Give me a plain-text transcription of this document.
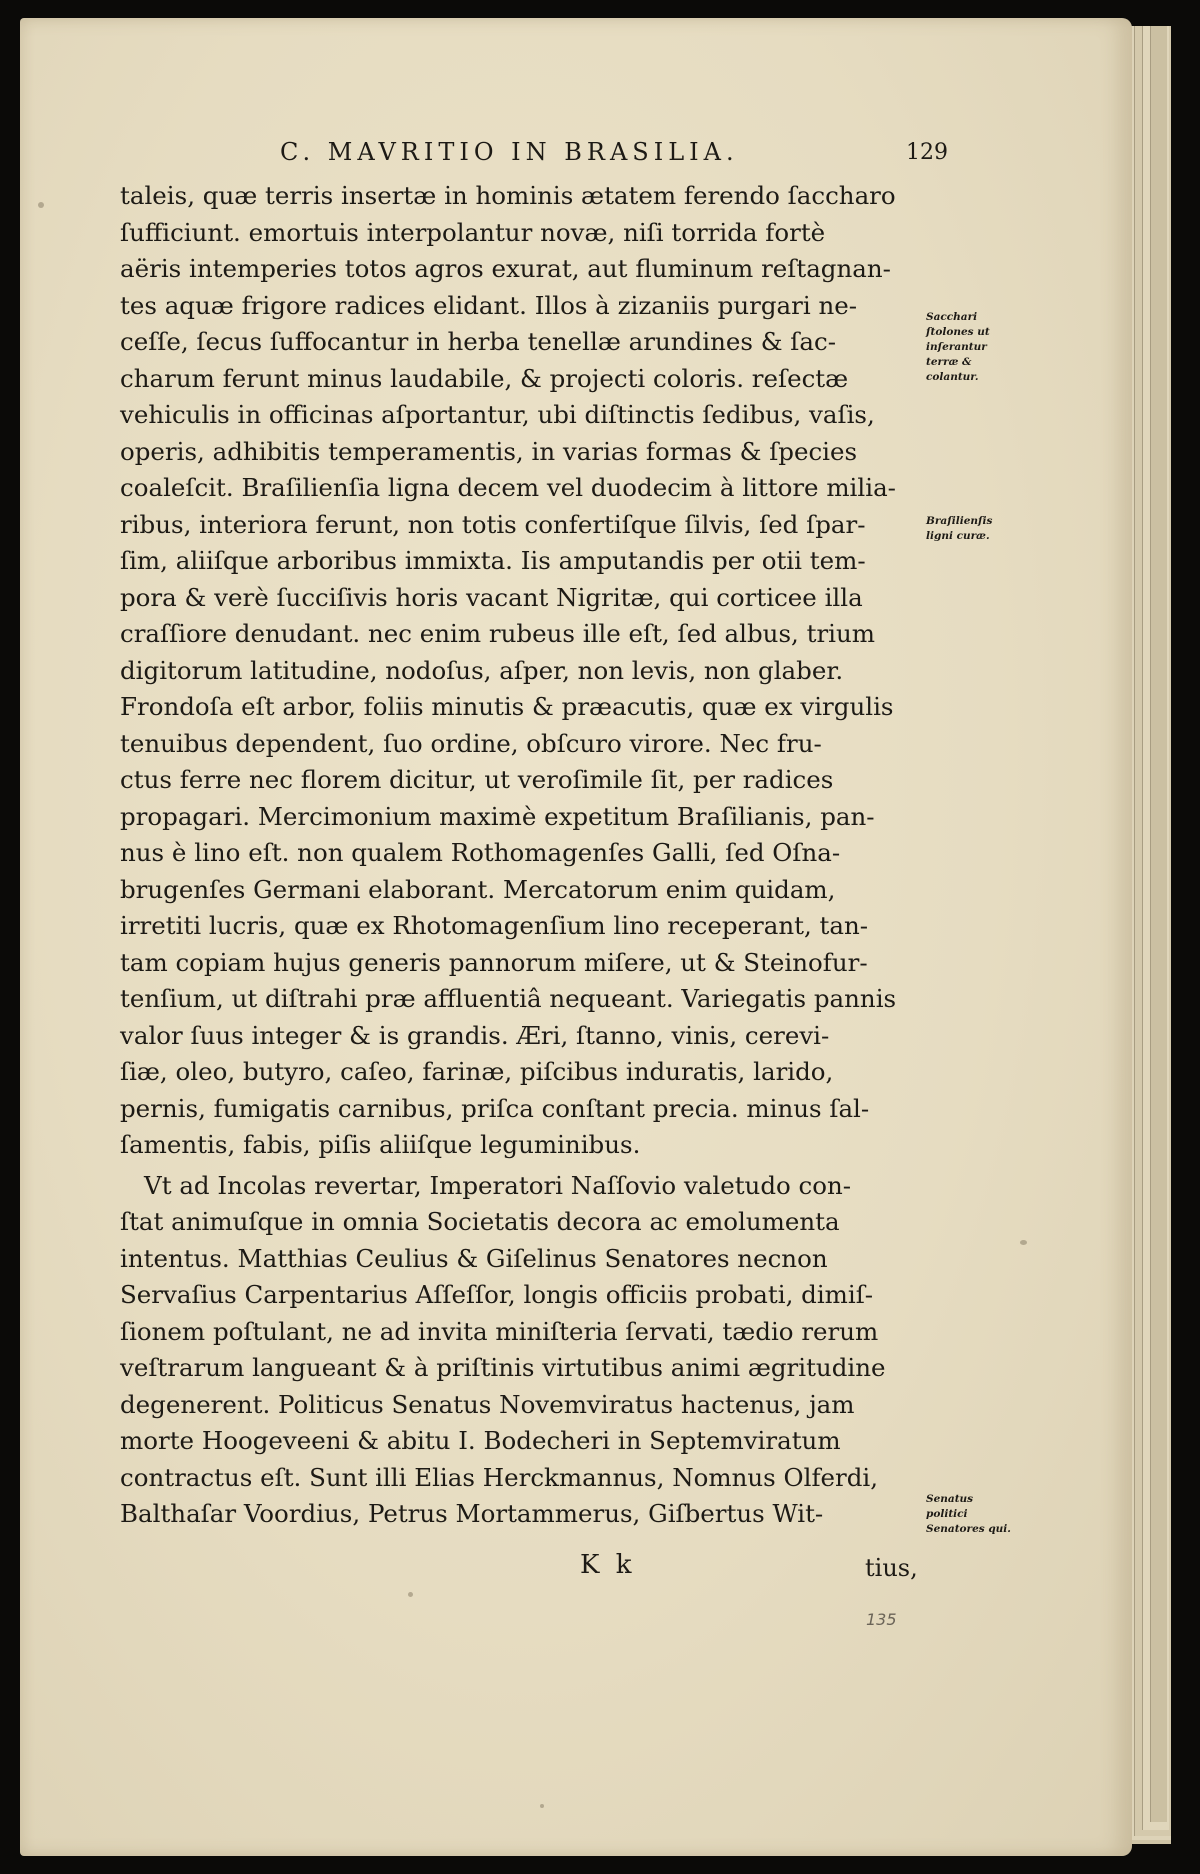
C. MAVRITIO IN BRASILIA.	129
taleis, quæ terris insertæ in hominis ætatem ferendo ſaccharo
ſufficiunt. emortuis interpolantur novæ, niſi torrida fortè
aëris intemperies totos agros exurat, aut fluminum reſtagnan-
tes aquæ frigore radices elidant. Illos à zizaniis purgari ne-
ceſſe, ſecus ſuffocantur in herba tenellæ arundines & ſac-
charum ferunt minus laudabile, & projecti coloris. reſectæ
vehiculis in officinas aſportantur, ubi diſtinctis ſedibus, vaſis,
operis, adhibitis temperamentis, in varias formas & ſpecies
coaleſcit. Braſilienſia ligna decem vel duodecim à littore milia-
ribus, interiora ferunt, non totis confertiſque ſilvis, ſed ſpar-
ſim, aliiſque arboribus immixta. Iis amputandis per otii tem-
pora & verè ſucciſivis horis vacant Nigritæ, qui corticee illa
craſſiore denudant. nec enim rubeus ille eſt, ſed albus, trium
digitorum latitudine, nodoſus, aſper, non levis, non glaber.
Frondoſa eſt arbor, foliis minutis & præacutis, quæ ex virgulis
tenuibus dependent, ſuo ordine, obſcuro virore. Nec fru-
ctus ferre nec florem dicitur, ut veroſimile ſit, per radices
propagari. Mercimonium maximè expetitum Braſilianis, pan-
nus è lino eſt. non qualem Rothomagenſes Galli, ſed Oſna-
brugenſes Germani elaborant. Mercatorum enim quidam,
irretiti lucris, quæ ex Rhotomagenſium lino receperant, tan-
tam copiam hujus generis pannorum miſere, ut & Steinofur-
tenſium, ut diſtrahi præ affluentiâ nequeant. Variegatis pannis
valor ſuus integer & is grandis. Æri, ſtanno, vinis, cerevi-
ſiæ, oleo, butyro, caſeo, farinæ, piſcibus induratis, larido,
pernis, fumigatis carnibus, priſca conſtant precia. minus ſal-
ſamentis, fabis, piſis aliiſque leguminibus.
Vt ad Incolas revertar, Imperatori Naſſovio valetudo con-
ſtat animuſque in omnia Societatis decora ac emolumenta
intentus. Matthias Ceulius & Giſelinus Senatores necnon
Servaſius Carpentarius Aſſeſſor, longis officiis probati, dimiſ-
ſionem poſtulant, ne ad invita miniſteria ſervati, tædio rerum
veſtrarum langueant & à priſtinis virtutibus animi ægritudine
degenerent. Politicus Senatus Novemviratus hactenus, jam
morte Hoogeveeni & abitu I. Bodecheri in Septemviratum
contractus eſt. Sunt illi Elias Herckmannus, Nomnus Olferdi,
Balthaſar Voordius, Petrus Mortammerus, Giſbertus Wit-
Sacchari ſtolones ut inſerantur terræ & colantur.
Braſilienſis ligni curæ.
Senatus politici Senatores qui.
K k	tius,
135
